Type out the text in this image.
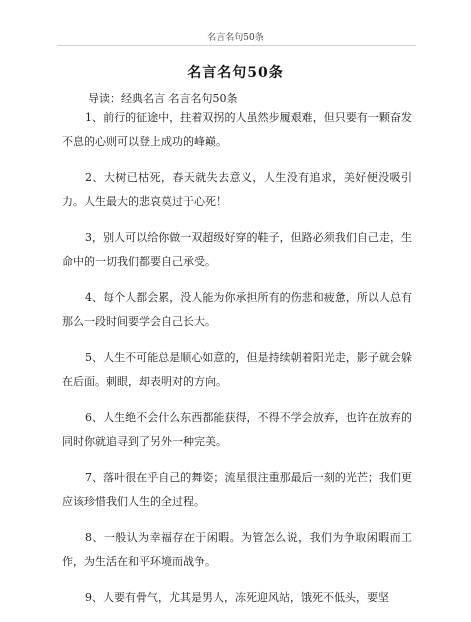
名言名句50条
名言名句50条
导读：经典名言 名言名句50条

1、前行的征途中，拄着双拐的人虽然步履艰难，但只要有一颗奋发不息的心则可以登上成功的峰巅。

2、大树已枯死，春天就失去意义，人生没有追求，美好便没吸引力。人生最大的悲哀莫过于心死！

3，别人可以给你做一双超级好穿的鞋子，但路必须我们自己走，生命中的一切我们都要自己承受。

4、每个人都会累，没人能为你承担所有的伤悲和疲惫，所以人总有那么一段时间要学会自己长大。

5、人生不可能总是顺心如意的，但是持续朝着阳光走，影子就会躲在后面。刺眼，却表明对的方向。

6、人生绝不会什么东西都能获得，不得不学会放弃，也许在放弃的同时你就追寻到了另外一种完美。

7、落叶很在乎自己的舞姿；流星很注重那最后一刻的光芒；我们更应该珍惜我们人生的全过程。

8、一般认为幸福存在于闲暇。为管怎么说，我们为争取闲暇而工作，为生活在和平环境而战争。

9、人要有骨气，尤其是男人，冻死迎风站，饿死不低头，要坚
